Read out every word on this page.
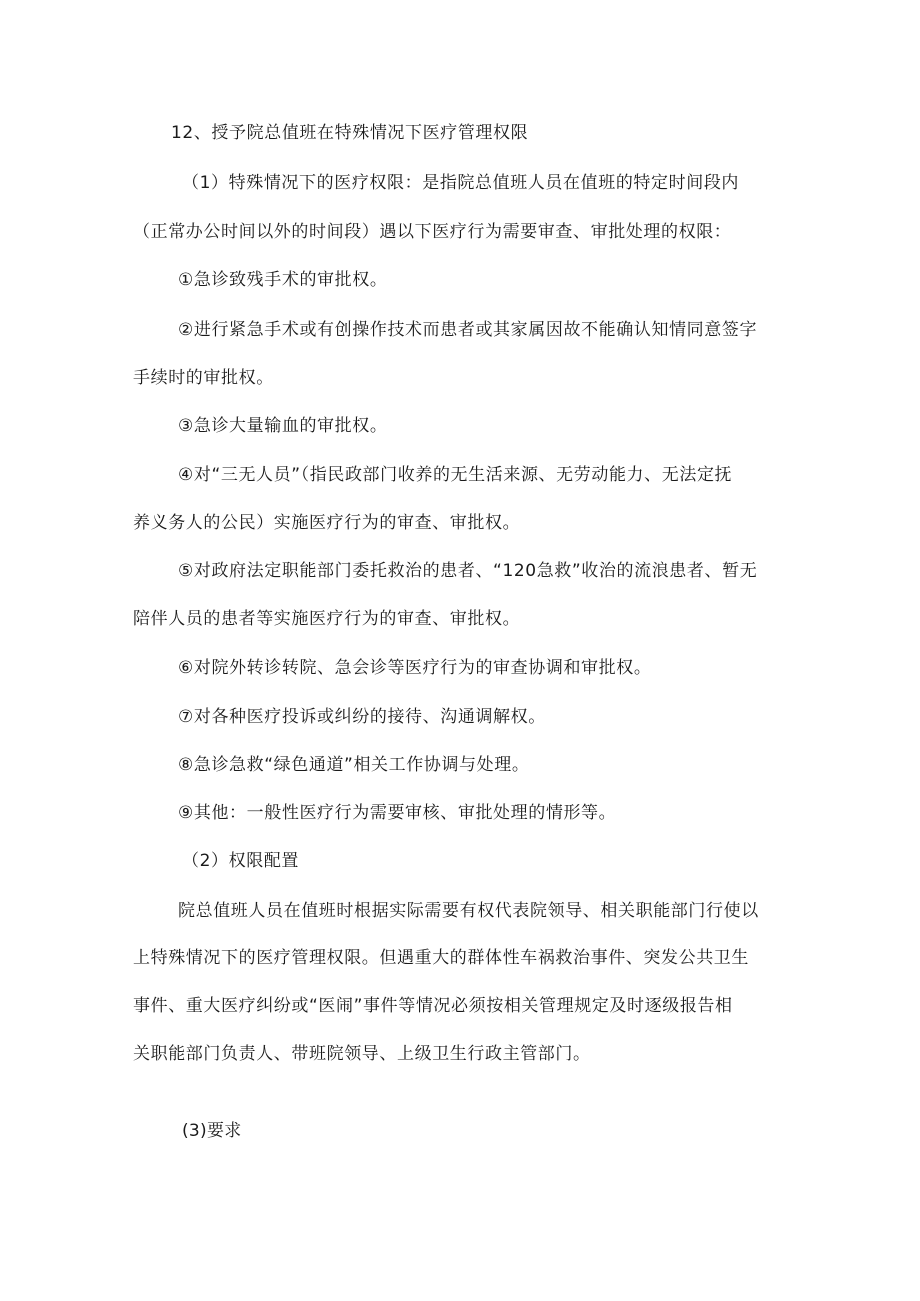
12、授予院总值班在特殊情况下医疗管理权限
（1）特殊情况下的医疗权限：是指院总值班人员在值班的特定时间段内
（正常办公时间以外的时间段）遇以下医疗行为需要审查、审批处理的权限：
①急诊致残手术的审批权。
②进行紧急手术或有创操作技术而患者或其家属因故不能确认知情同意签字
手续时的审批权。
③急诊大量输血的审批权。
④对“三无人员”（指民政部门收养的无生活来源、无劳动能力、无法定抚
养义务人的公民）实施医疗行为的审查、审批权。
⑤对政府法定职能部门委托救治的患者、“120急救”收治的流浪患者、暂无
陪伴人员的患者等实施医疗行为的审查、审批权。
⑥对院外转诊转院、急会诊等医疗行为的审查协调和审批权。
⑦对各种医疗投诉或纠纷的接待、沟通调解权。
⑧急诊急救“绿色通道”相关工作协调与处理。
⑨其他：一般性医疗行为需要审核、审批处理的情形等。
（2）权限配置
院总值班人员在值班时根据实际需要有权代表院领导、相关职能部门行使以
上特殊情况下的医疗管理权限。但遇重大的群体性车祸救治事件、突发公共卫生
事件、重大医疗纠纷或“医闹”事件等情况必须按相关管理规定及时逐级报告相
关职能部门负责人、带班院领导、上级卫生行政主管部门。
(3)要求
